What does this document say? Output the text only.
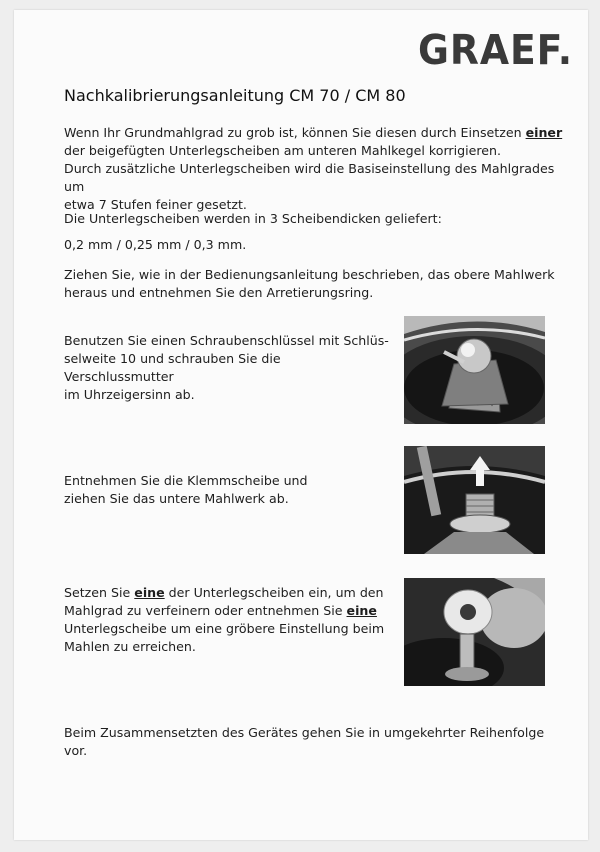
GRAEF.
Nachkalibrierungsanleitung CM 70 / CM 80
Wenn Ihr Grundmahlgrad zu grob ist, können Sie diesen durch Einsetzen einer
der beigefügten Unterlegscheiben am unteren Mahlkegel korrigieren.
Durch zusätzliche Unterlegscheiben wird die Basiseinstellung des Mahlgrades um
etwa 7 Stufen feiner gesetzt.
Die Unterlegscheiben werden in 3 Scheibendicken geliefert:
0,2 mm / 0,25 mm / 0,3 mm.
Ziehen Sie, wie in der Bedienungsanleitung beschrieben, das obere Mahlwerk
heraus und entnehmen Sie den Arretierungsring.
Benutzen Sie einen Schraubenschlüssel mit Schlüs-
selweite 10 und schrauben Sie die Verschlussmutter
im Uhrzeigersinn ab.
Entnehmen Sie die Klemmscheibe und
ziehen Sie das untere Mahlwerk ab.
Setzen Sie eine der Unterlegscheiben ein, um den
Mahlgrad zu verfeinern oder entnehmen Sie eine
Unterlegscheibe um eine gröbere Einstellung beim
Mahlen zu erreichen.
Beim Zusammensetzten des Gerätes gehen Sie in umgekehrter Reihenfolge vor.
